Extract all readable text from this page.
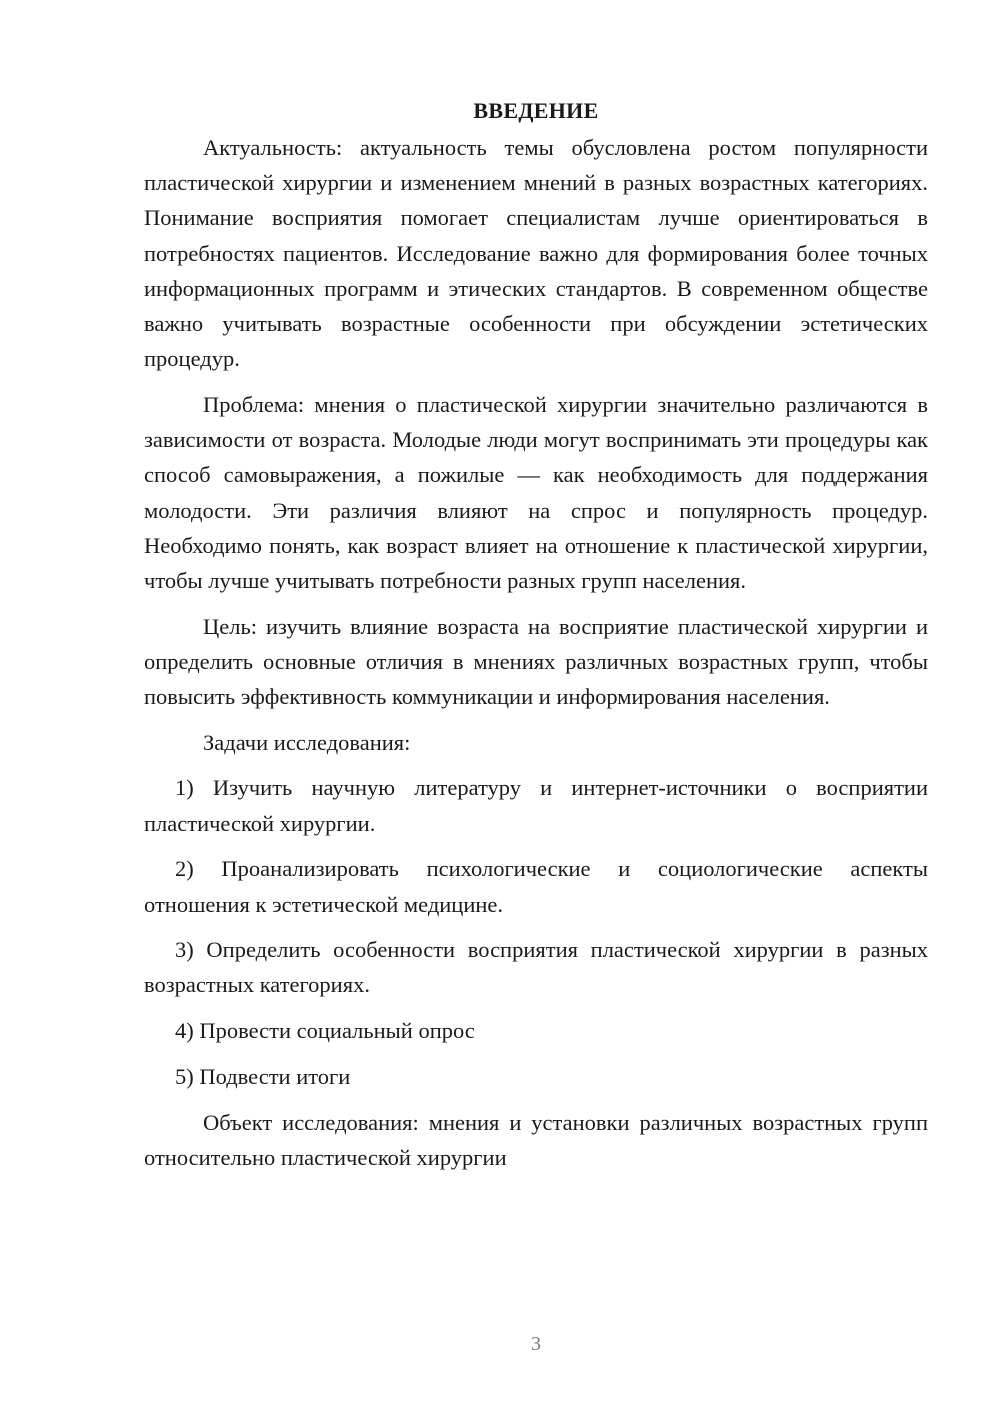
ВВЕДЕНИЕ

Актуальность: актуальность темы обусловлена ростом популярности пластической хирургии и изменением мнений в разных возрастных категориях. Понимание восприятия помогает специалистам лучше ориентироваться в потребностях пациентов. Исследование важно для формирования более точных информационных программ и этических стандартов. В современном обществе важно учитывать возрастные особенности при обсуждении эстетических процедур.

Проблема: мнения о пластической хирургии значительно различаются в зависимости от возраста. Молодые люди могут воспринимать эти процедуры как способ самовыражения, а пожилые — как необходимость для поддержания молодости. Эти различия влияют на спрос и популярность процедур. Необходимо понять, как возраст влияет на отношение к пластической хирургии, чтобы лучше учитывать потребности разных групп населения.

Цель: изучить влияние возраста на восприятие пластической хирургии и определить основные отличия в мнениях различных возрастных групп, чтобы повысить эффективность коммуникации и информирования населения.

Задачи исследования:

1) Изучить научную литературу и интернет-источники о восприятии пластической хирургии.

2) Проанализировать психологические и социологические аспекты отношения к эстетической медицине.

3) Определить особенности восприятия пластической хирургии в разных возрастных категориях.

4) Провести социальный опрос

5) Подвести итоги

Объект исследования: мнения и установки различных возрастных групп относительно пластической хирургии

3
